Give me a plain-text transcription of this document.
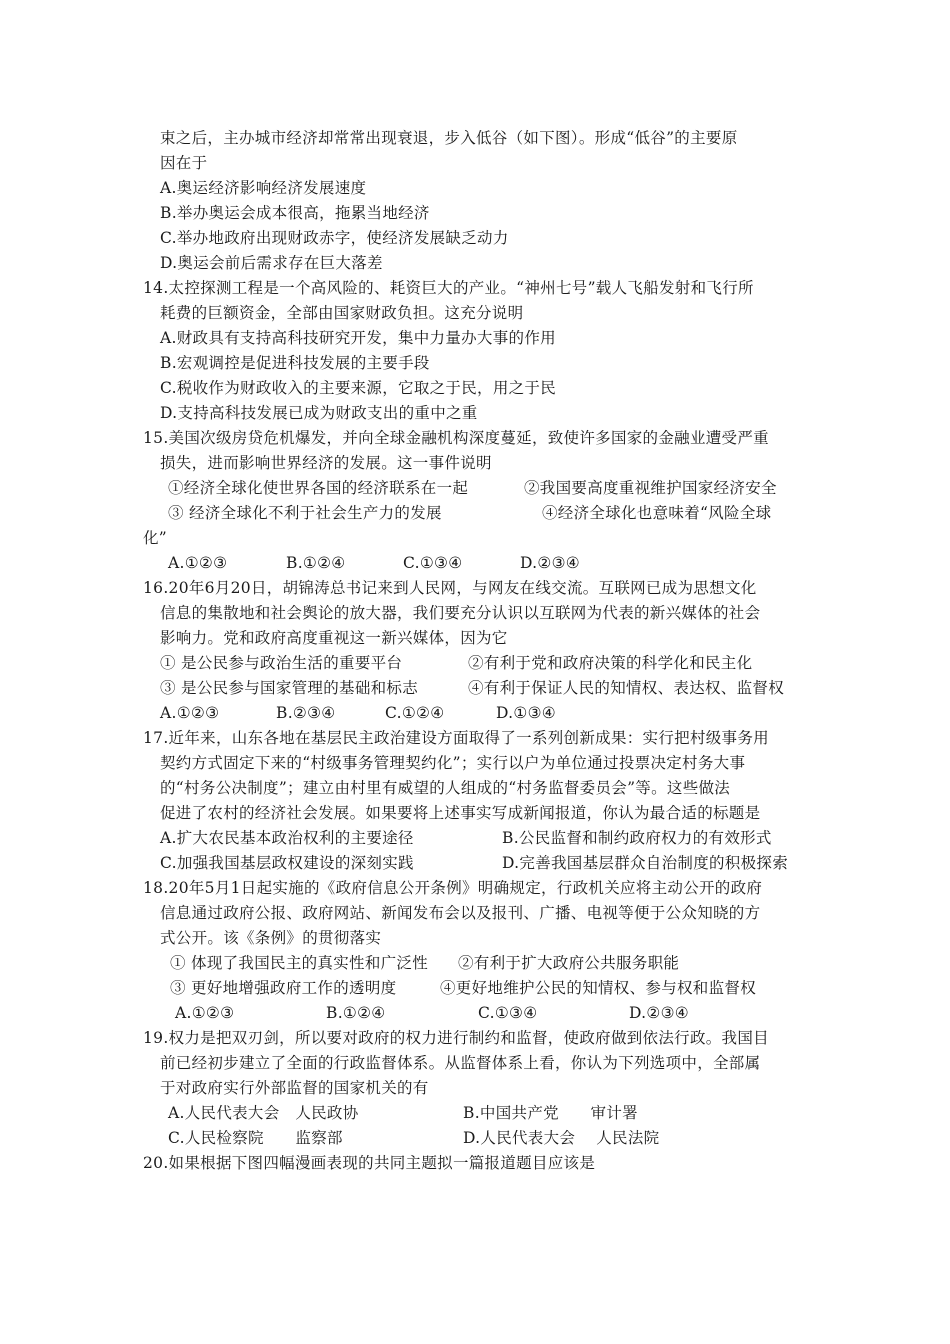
束之后，主办城市经济却常常出现衰退，步入低谷（如下图）。形成“低谷”的主要原
因在于
A.奥运经济影响经济发展速度
B.举办奥运会成本很高，拖累当地经济
C.举办地政府出现财政赤字，使经济发展缺乏动力
D.奥运会前后需求存在巨大落差
14.太控探测工程是一个高风险的、耗资巨大的产业。“神州七号”载人飞船发射和飞行所
耗费的巨额资金，全部由国家财政负担。这充分说明
A.财政具有支持高科技研究开发，集中力量办大事的作用
B.宏观调控是促进科技发展的主要手段
C.税收作为财政收入的主要来源，它取之于民，用之于民
D.支持高科技发展已成为财政支出的重中之重
15.美国次级房贷危机爆发，并向全球金融机构深度蔓延，致使许多国家的金融业遭受严重
损失，进而影响世界经济的发展。这一事件说明
①经济全球化使世界各国的经济联系在一起	②我国要高度重视维护国家经济安全
③ 经济全球化不利于社会生产力的发展	④经济全球化也意味着“风险全球
化”
A.①②③	B.①②④	C.①③④	D.②③④
16.20年6月20日，胡锦涛总书记来到人民网，与网友在线交流。互联网已成为思想文化
信息的集散地和社会舆论的放大器，我们要充分认识以互联网为代表的新兴媒体的社会
影响力。党和政府高度重视这一新兴媒体，因为它
① 是公民参与政治生活的重要平台	②有利于党和政府决策的科学化和民主化
③ 是公民参与国家管理的基础和标志	④有利于保证人民的知情权、表达权、监督权
A.①②③	B.②③④	C.①②④	D.①③④
17.近年来，山东各地在基层民主政治建设方面取得了一系列创新成果：实行把村级事务用
契约方式固定下来的“村级事务管理契约化”；实行以户为单位通过投票决定村务大事
的“村务公决制度”；建立由村里有威望的人组成的“村务监督委员会”等。这些做法
促进了农村的经济社会发展。如果要将上述事实写成新闻报道，你认为最合适的标题是
A.扩大农民基本政治权利的主要途径	B.公民监督和制约政府权力的有效形式
C.加强我国基层政权建设的深刻实践	D.完善我国基层群众自治制度的积极探索
18.20年5月1日起实施的《政府信息公开条例》明确规定，行政机关应将主动公开的政府
信息通过政府公报、政府网站、新闻发布会以及报刊、广播、电视等便于公众知晓的方
式公开。该《条例》的贯彻落实
① 体现了我国民主的真实性和广泛性 ②有利于扩大政府公共服务职能
③ 更好地增强政府工作的透明度	④更好地维护公民的知情权、参与权和监督权
A.①②③	B.①②④	C.①③④	D.②③④
19.权力是把双刃剑，所以要对政府的权力进行制约和监督，使政府做到依法行政。我国目
前已经初步建立了全面的行政监督体系。从监督体系上看，你认为下列选项中，全部属
于对政府实行外部监督的国家机关的有
A.人民代表大会　人民政协	B.中国共产党　　审计署
C.人民检察院　　监察部	D.人民代表大会　 人民法院
20.如果根据下图四幅漫画表现的共同主题拟一篇报道题目应该是
